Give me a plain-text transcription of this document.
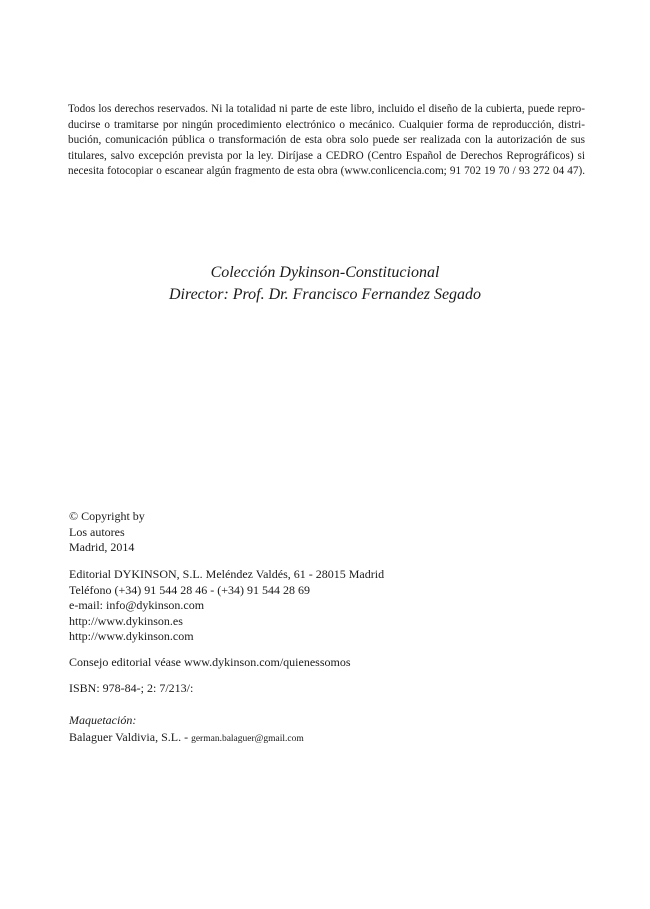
Todos los derechos reservados. Ni la totalidad ni parte de este libro, incluido el diseño de la cubierta, puede repro-
ducirse o tramitarse por ningún procedimiento electrónico o mecánico. Cualquier forma de reproducción, distri-
bución, comunicación pública o transformación de esta obra solo puede ser realizada con la autorización de sus
titulares, salvo excepción prevista por la ley. Diríjase a CEDRO (Centro Español de Derechos Reprográficos) si
necesita fotocopiar o escanear algún fragmento de esta obra (www.conlicencia.com; 91 702 19 70 / 93 272 04 47).
Colección Dykinson-Constitucional
Director: Prof. Dr. Francisco Fernandez Segado
© Copyright by
Los autores
Madrid, 2014
Editorial DYKINSON, S.L. Meléndez Valdés, 61 - 28015 Madrid
Teléfono (+34) 91 544 28 46 - (+34) 91 544 28 69
e-mail: info@dykinson.com
http://www.dykinson.es
http://www.dykinson.com
Consejo editorial véase www.dykinson.com/quienessomos
ISBN: 978-84-; 2: 7/213/:
Maquetación:
Balaguer Valdivia, S.L. - german.balaguer@gmail.com
